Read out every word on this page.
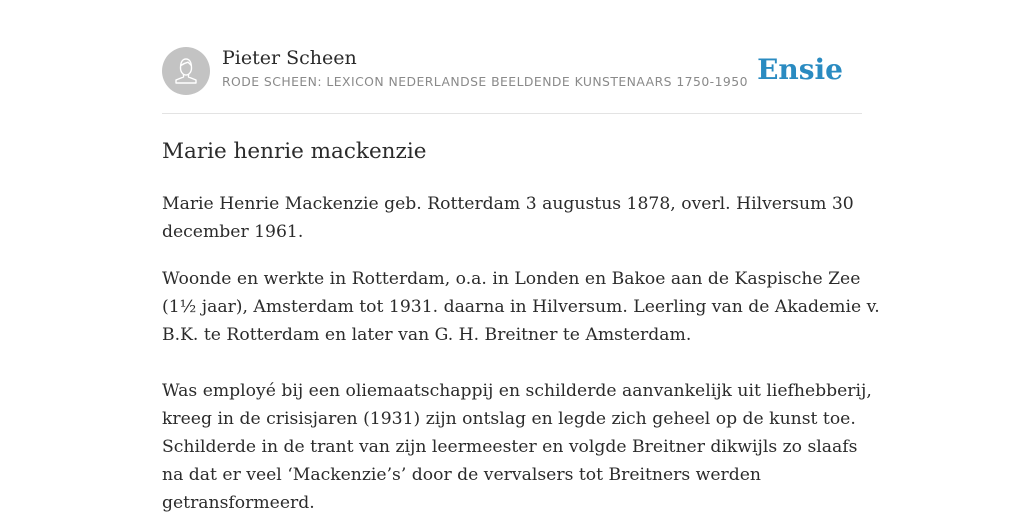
Pieter Scheen
RODE SCHEEN: LEXICON NEDERLANDSE BEELDENDE KUNSTENAARS 1750-1950 Ensie
Marie henrie mackenzie

Marie Henrie Mackenzie geb. Rotterdam 3 augustus 1878, overl. Hilversum 30
december 1961.

Woonde en werkte in Rotterdam, o.a. in Londen en Bakoe aan de Kaspische Zee
(1½ jaar), Amsterdam tot 1931. daarna in Hilversum. Leerling van de Akademie v.
B.K. te Rotterdam en later van G. H. Breitner te Amsterdam.

Was employé bij een oliemaatschappij en schilderde aanvankelijk uit liefhebberij,
kreeg in de crisisjaren (1931) zijn ontslag en legde zich geheel op de kunst toe.
Schilderde in de trant van zijn leermeester en volgde Breitner dikwijls zo slaafs
na dat er veel ‘Mackenzie’s’ door de vervalsers tot Breitners werden
getransformeerd.
